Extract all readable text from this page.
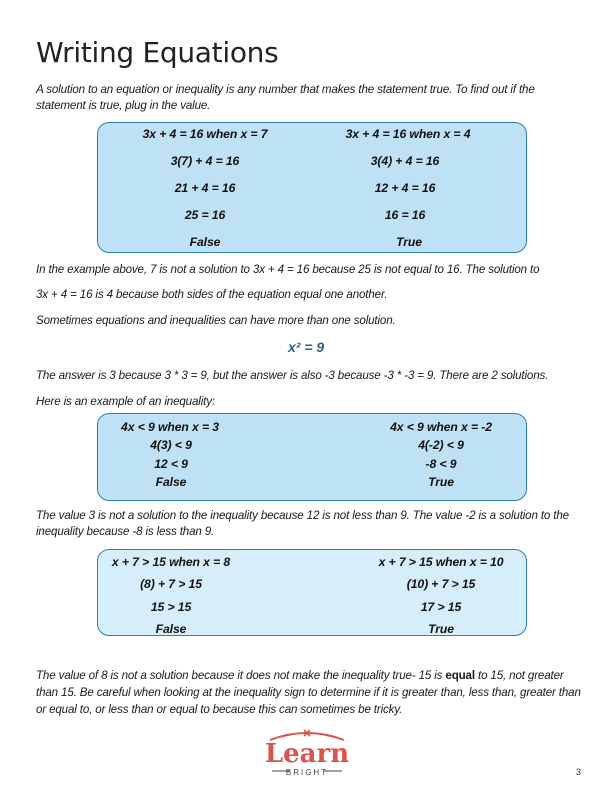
Writing Equations
A solution to an equation or inequality is any number that makes the statement true. To find out if the statement is true, plug in the value.
3x + 4 = 16 when x = 7
3(7) + 4 = 16
21 + 4 = 16
25 = 16
False
3x + 4 = 16 when x = 4
3(4) + 4 = 16
12 + 4 = 16
16 = 16
True
In the example above, 7 is not a solution to 3x + 4 = 16 because 25 is not equal to 16. The solution to
3x + 4 = 16 is 4 because both sides of the equation equal one another.
Sometimes equations and inequalities can have more than one solution.
x² = 9
The answer is 3 because 3 * 3 = 9, but the answer is also -3 because -3 * -3 = 9. There are 2 solutions.
Here is an example of an inequality:
4x < 9 when x = 3
4(3) < 9
12 < 9
False
4x < 9 when x = -2
4(-2) < 9
-8 < 9
True
The value 3 is not a solution to the inequality because 12 is not less than 9. The value -2 is a solution to the inequality because -8 is less than 9.
x + 7 > 15 when x = 8
(8) + 7 > 15
15 > 15
False
x + 7 > 15 when x = 10
(10) + 7 > 15
17 > 15
True
The value of 8 is not a solution because it does not make the inequality true- 15 is equal to 15, not greater than 15. Be careful when looking at the inequality sign to determine if it is greater than, less than, greater than or equal to, or less than or equal to because this can sometimes be tricky.
Learn
BRIGHT	3
